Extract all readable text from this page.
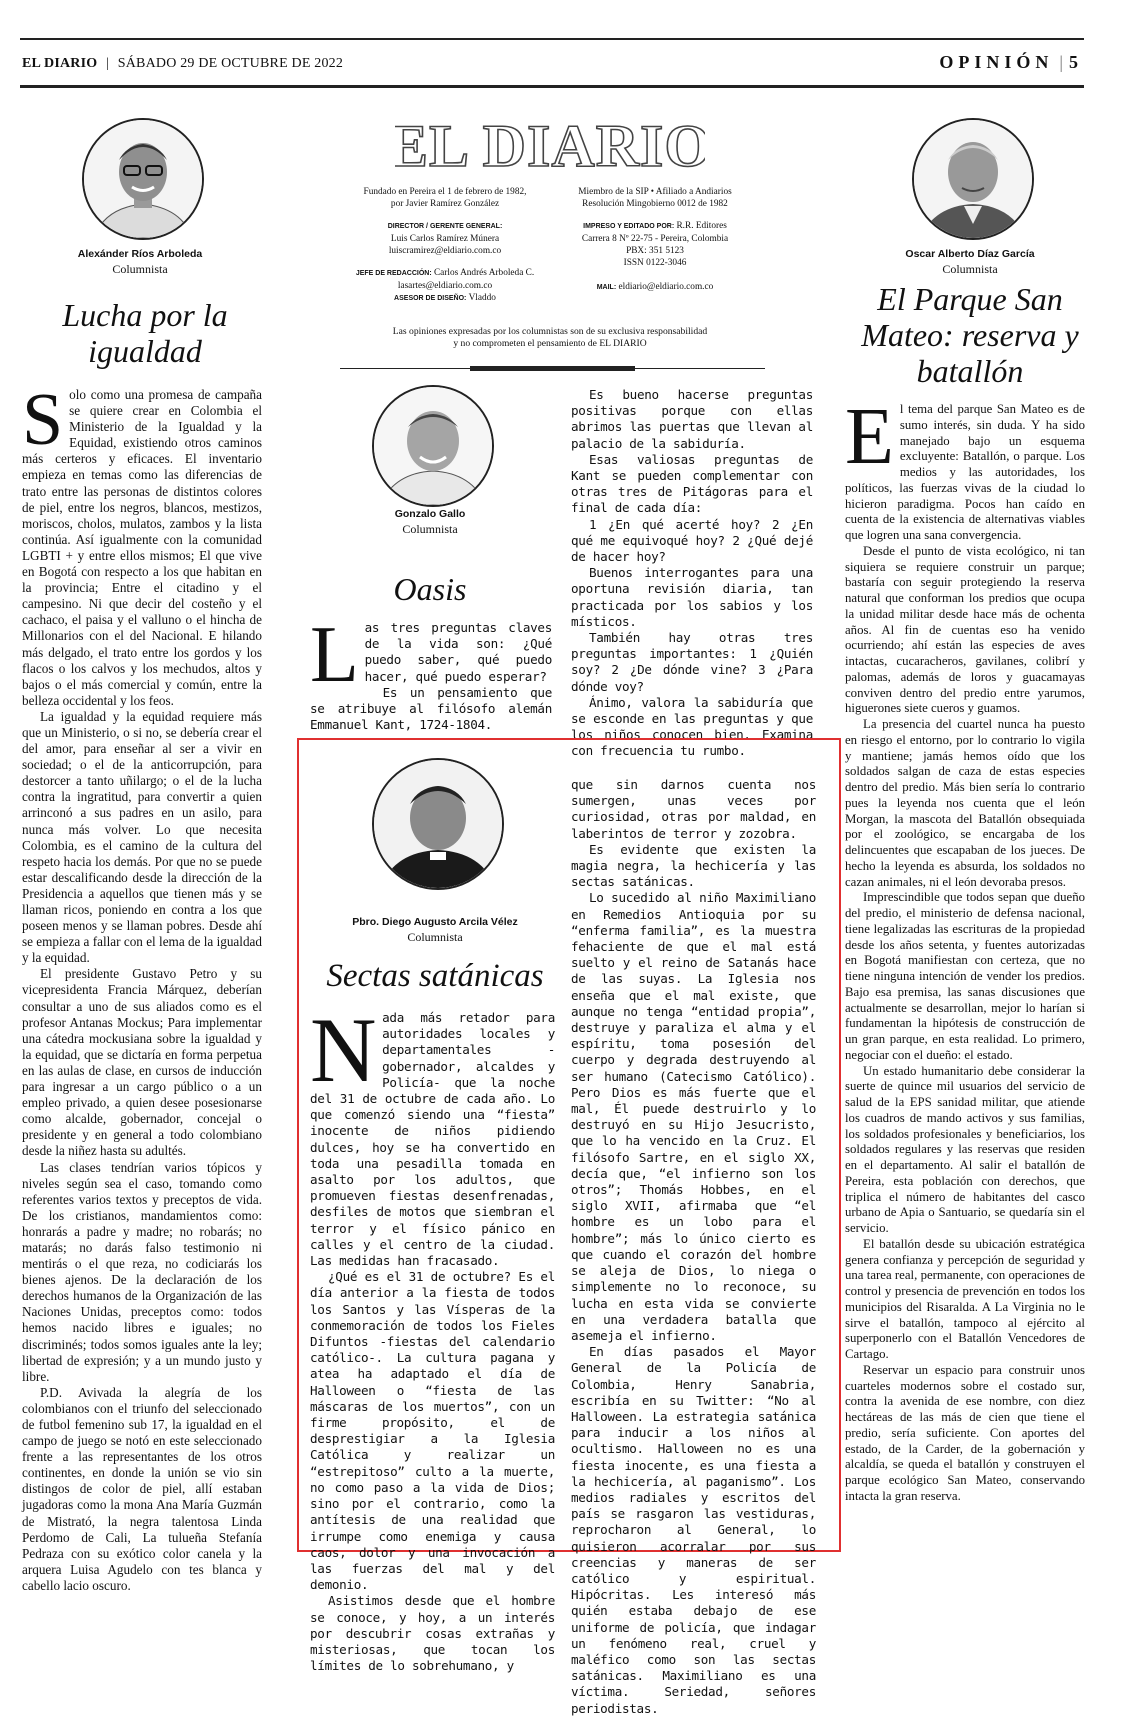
EL DIARIO | SÁBADO 29 DE OCTUBRE DE 2022	OPINIÓN | 5
Alexánder Ríos Arboleda
Columnista
Lucha por la igualdad

Solo como una promesa de campaña se quiere crear en Colombia el Ministerio de la Igualdad y la Equidad, existiendo otros caminos más certeros y eficaces. El inventario empieza en temas como las diferencias de trato entre las personas de distintos colores de piel, entre los negros, blancos, mestizos, moriscos, cholos, mulatos, zambos y la lista continúa. Así igualmente con la comunidad LGBTI + y entre ellos mismos; El que vive en Bogotá con respecto a los que habitan en la provincia; Entre el citadino y el campesino. Ni que decir del costeño y el cachaco, el paisa y el valluno o el hincha de Millonarios con el del Nacional. E hilando más delgado, el trato entre los gordos y los flacos o los calvos y los mechudos, altos y bajos o el más comercial y común, entre la belleza occidental y los feos.

La igualdad y la equidad requiere más que un Ministerio, o si no, se debería crear el del amor, para enseñar al ser a vivir en sociedad; o el de la anticorrupción, para destorcer a tanto uñilargo; o el de la lucha contra la ingratitud, para convertir a quien arrinconó a sus padres en un asilo, para nunca más volver. Lo que necesita Colombia, es el camino de la cultura del respeto hacia los demás. Por que no se puede estar descalificando desde la dirección de la Presidencia a aquellos que tienen más y se llaman ricos, poniendo en contra a los que poseen menos y se llaman pobres. Desde ahí se empieza a fallar con el lema de la igualdad y la equidad.

El presidente Gustavo Petro y su vicepresidenta Francia Márquez, deberían consultar a uno de sus aliados como es el profesor Antanas Mockus; Para implementar una cátedra mockusiana sobre la igualdad y la equidad, que se dictaría en forma perpetua en las aulas de clase, en cursos de inducción para ingresar a un cargo público o a un empleo privado, a quien desee posesionarse como alcalde, gobernador, concejal o presidente y en general a todo colombiano desde la niñez hasta su adultés.

Las clases tendrían varios tópicos y niveles según sea el caso, tomando como referentes varios textos y preceptos de vida. De los cristianos, mandamientos como: honrarás a padre y madre; no robarás; no matarás; no darás falso testimonio ni mentirás o el que reza, no codiciarás los bienes ajenos. De la declaración de los derechos humanos de la Organización de las Naciones Unidas, preceptos como: todos hemos nacido libres e iguales; no discriminés; todos somos iguales ante la ley; libertad de expresión; y a un mundo justo y libre.

P.D. Avivada la alegría de los colombianos con el triunfo del seleccionado de futbol femenino sub 17, la igualdad en el campo de juego se notó en este seleccionado frente a las representantes de los otros continentes, en donde la unión se vio sin distingos de color de piel, allí estaban jugadoras como la mona Ana María Guzmán de Mistrató, la negra talentosa Linda Perdomo de Cali, La tulueña Stefanía Pedraza con su exótico color canela y la arquera Luisa Agudelo con tes blanca y cabello lacio oscuro.

EL DIARIO
Fundado en Pereira el 1 de febrero de 1982,
por Javier Ramírez González
DIRECTOR / GERENTE GENERAL:
Luis Carlos Ramírez Múnera
luiscramirez@eldiario.com.co
JEFE DE REDACCIÓN: Carlos Andrés Arboleda C.
lasartes@eldiario.com.co
ASESOR DE DISEÑO: Vladdo
Miembro de la SIP • Afiliado a Andiarios
Resolución Mingobierno 0012 de 1982
IMPRESO Y EDITADO POR: R.R. Editores
Carrera 8 Nº 22-75 - Pereira, Colombia
PBX: 351 5123
ISSN 0122-3046
MAIL: eldiario@eldiario.com.co
Las opiniones expresadas por los columnistas son de su exclusiva responsabilidad
y no comprometen el pensamiento de EL DIARIO
Gonzalo Gallo
Columnista
Oasis

Las tres preguntas claves de la vida son: ¿Qué puedo saber, qué puedo hacer, qué puedo esperar?

Es un pensamiento que se atribuye al filósofo alemán Emmanuel Kant, 1724-1804.

Es bueno hacerse preguntas positivas porque con ellas abrimos las puertas que llevan al palacio de la sabiduría.

Esas valiosas preguntas de Kant se pueden complementar con otras tres de Pitágoras para el final de cada día:

1 ¿En qué acerté hoy? 2 ¿En qué me equivoqué hoy? 2 ¿Qué dejé de hacer hoy?

Buenos interrogantes para una oportuna revisión diaria, tan practicada por los sabios y los místicos.

También hay otras tres preguntas importantes: 1 ¿Quién soy? 2 ¿De dónde vine? 3 ¿Para dónde voy?

Ánimo, valora la sabiduría que se esconde en las preguntas y que los niños conocen bien. Examina con frecuencia tu rumbo.

Pbro. Diego Augusto Arcila Vélez
Columnista
Sectas satánicas

Nada más retador para autoridades locales y departamentales -gobernador, alcaldes y Policía- que la noche del 31 de octubre de cada año. Lo que comenzó siendo una “fiesta” inocente de niños pidiendo dulces, hoy se ha convertido en toda una pesadilla tomada en asalto por los adultos, que promueven fiestas desenfrenadas, desfiles de motos que siembran el terror y el físico pánico en calles y el centro de la ciudad. Las medidas han fracasado.

¿Qué es el 31 de octubre? Es el día anterior a la fiesta de todos los Santos y las Vísperas de la conmemoración de todos los Fieles Difuntos -fiestas del calendario católico-. La cultura pagana y atea ha adaptado el día de Halloween o “fiesta de las máscaras de los muertos”, con un firme propósito, el de desprestigiar a la Iglesia Católica y realizar un “estrepitoso” culto a la muerte, no como paso a la vida de Dios; sino por el contrario, como la antítesis de una realidad que irrumpe como enemiga y causa caos, dolor y una invocación a las fuerzas del mal y del demonio.

Asistimos desde que el hombre se conoce, y hoy, a un interés por descubrir cosas extrañas y misteriosas, que tocan los límites de lo sobrehumano, y

que sin darnos cuenta nos sumergen, unas veces por curiosidad, otras por maldad, en laberintos de terror y zozobra.

Es evidente que existen la magia negra, la hechicería y las sectas satánicas.

Lo sucedido al niño Maximiliano en Remedios Antioquia por su “enferma familia”, es la muestra fehaciente de que el mal está suelto y el reino de Satanás hace de las suyas. La Iglesia nos enseña que el mal existe, que aunque no tenga “entidad propia”, destruye y paraliza el alma y el espíritu, toma posesión del cuerpo y degrada destruyendo al ser humano (Catecismo Católico). Pero Dios es más fuerte que el mal, Él puede destruirlo y lo destruyó en su Hijo Jesucristo, que lo ha vencido en la Cruz. El filósofo Sartre, en el siglo XX, decía que, “el infierno son los otros”; Thomás Hobbes, en el siglo XVII, afirmaba que “el hombre es un lobo para el hombre”; más lo único cierto es que cuando el corazón del hombre se aleja de Dios, lo niega o simplemente no lo reconoce, su lucha en esta vida se convierte en una verdadera batalla que asemeja el infierno.

En días pasados el Mayor General de la Policía de Colombia, Henry Sanabria, escribía en su Twitter: “No al Halloween. La estrategia satánica para inducir a los niños al ocultismo. Halloween no es una fiesta inocente, es una fiesta a la hechicería, al paganismo”. Los medios radiales y escritos del país se rasgaron las vestiduras, reprocharon al General, lo quisieron acorralar por sus creencias y maneras de ser católico y espiritual. Hipócritas. Les interesó más quién estaba debajo de ese uniforme de policía, que indagar un fenómeno real, cruel y maléfico como son las sectas satánicas. Maximiliano es una víctima. Seriedad, señores periodistas.

Oscar Alberto Díaz García
Columnista
El Parque San Mateo: reserva y batallón

El tema del parque San Mateo es de sumo interés, sin duda. Y ha sido manejado bajo un esquema excluyente: Batallón, o parque. Los medios y las autoridades, los políticos, las fuerzas vivas de la ciudad lo hicieron paradigma. Pocos han caído en cuenta de la existencia de alternativas viables que logren una sana convergencia.

Desde el punto de vista ecológico, ni tan siquiera se requiere construir un parque; bastaría con seguir protegiendo la reserva natural que conforman los predios que ocupa la unidad militar desde hace más de ochenta años. Al fin de cuentas eso ha venido ocurriendo; ahí están las especies de aves intactas, cucaracheros, gavilanes, colibrí y palomas, además de loros y guacamayas conviven dentro del predio entre yarumos, higuerones siete cueros y guamos.

La presencia del cuartel nunca ha puesto en riesgo el entorno, por lo contrario lo vigila y mantiene; jamás hemos oído que los soldados salgan de caza de estas especies dentro del predio. Más bien sería lo contrario pues la leyenda nos cuenta que el león Morgan, la mascota del Batallón obsequiada por el zoológico, se encargaba de los delincuentes que escapaban de los jueces. De hecho la leyenda es absurda, los soldados no cazan animales, ni el león devoraba presos.

Imprescindible que todos sepan que dueño del predio, el ministerio de defensa nacional, tiene legalizadas las escrituras de la propiedad desde los años setenta, y fuentes autorizadas en Bogotá manifiestan con certeza, que no tiene ninguna intención de vender los predios. Bajo esa premisa, las sanas discusiones que actualmente se desarrollan, mejor lo harían si fundamentan la hipótesis de construcción de un gran parque, en esta realidad. Lo primero, negociar con el dueño: el estado.

Un estado humanitario debe considerar la suerte de quince mil usuarios del servicio de salud de la EPS sanidad militar, que atiende los cuadros de mando activos y sus familias, los soldados profesionales y beneficiarios, los soldados regulares y las reservas que residen en el departamento. Al salir el batallón de Pereira, esta población con derechos, que triplica el número de habitantes del casco urbano de Apia o Santuario, se quedaría sin el servicio.

El batallón desde su ubicación estratégica genera confianza y percepción de seguridad y una tarea real, permanente, con operaciones de control y presencia de prevención en todos los municipios del Risaralda. A La Virginia no le sirve el batallón, tampoco al ejército al superponerlo con el Batallón Vencedores de Cartago.

Reservar un espacio para construir unos cuarteles modernos sobre el costado sur, contra la avenida de ese nombre, con diez hectáreas de las más de cien que tiene el predio, sería suficiente. Con aportes del estado, de la Carder, de la gobernación y alcaldía, se queda el batallón y construyen el parque ecológico San Mateo, conservando intacta la gran reserva.
